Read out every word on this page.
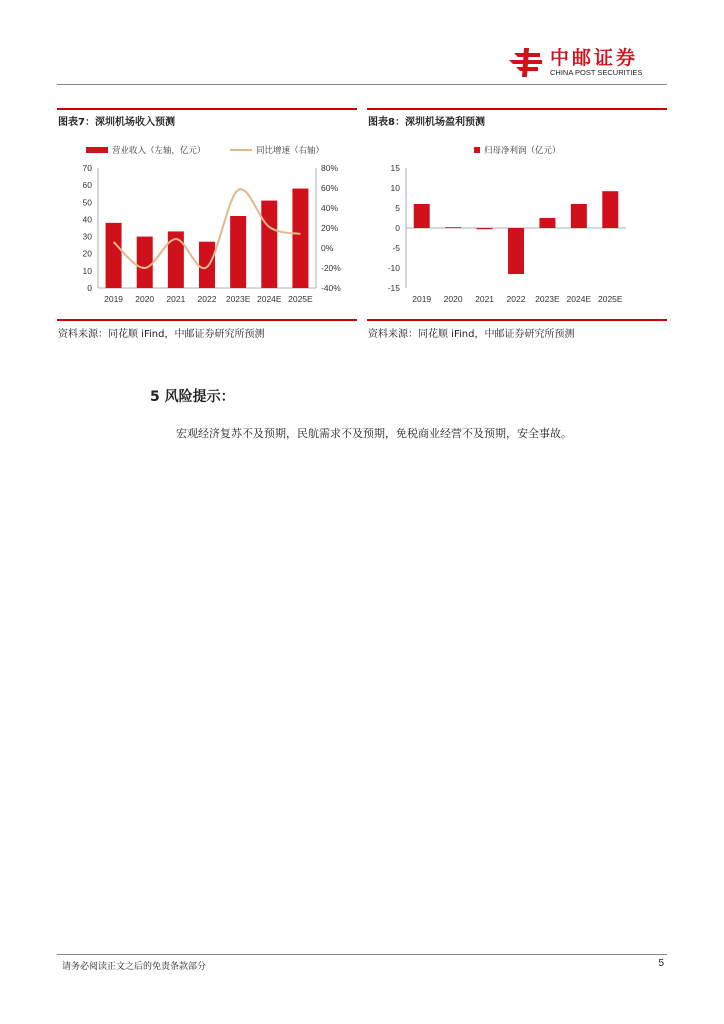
中邮证券
CHINA POST SECURITIES
图表7：深圳机场收入预测	图表8：深圳机场盈利预测
营业收入（左轴，亿元）	同比增速（右轴）
0
10
20
30
40
50
60
70
-40%
-20%
0%
20%
40%
60%
80%
2019 2020 2021 2022 2023E 2024E 2025E
归母净利润（亿元）
15
10
5
0
-5
-10
-15
2019 2020 2021 2022 2023E 2024E 2025E
资料来源：同花顺 iFind，中邮证券研究所预测	资料来源：同花顺 iFind，中邮证券研究所预测
5 风险提示：
宏观经济复苏不及预期，民航需求不及预期，免税商业经营不及预期，安全事故。
请务必阅读正文之后的免责条款部分	5
